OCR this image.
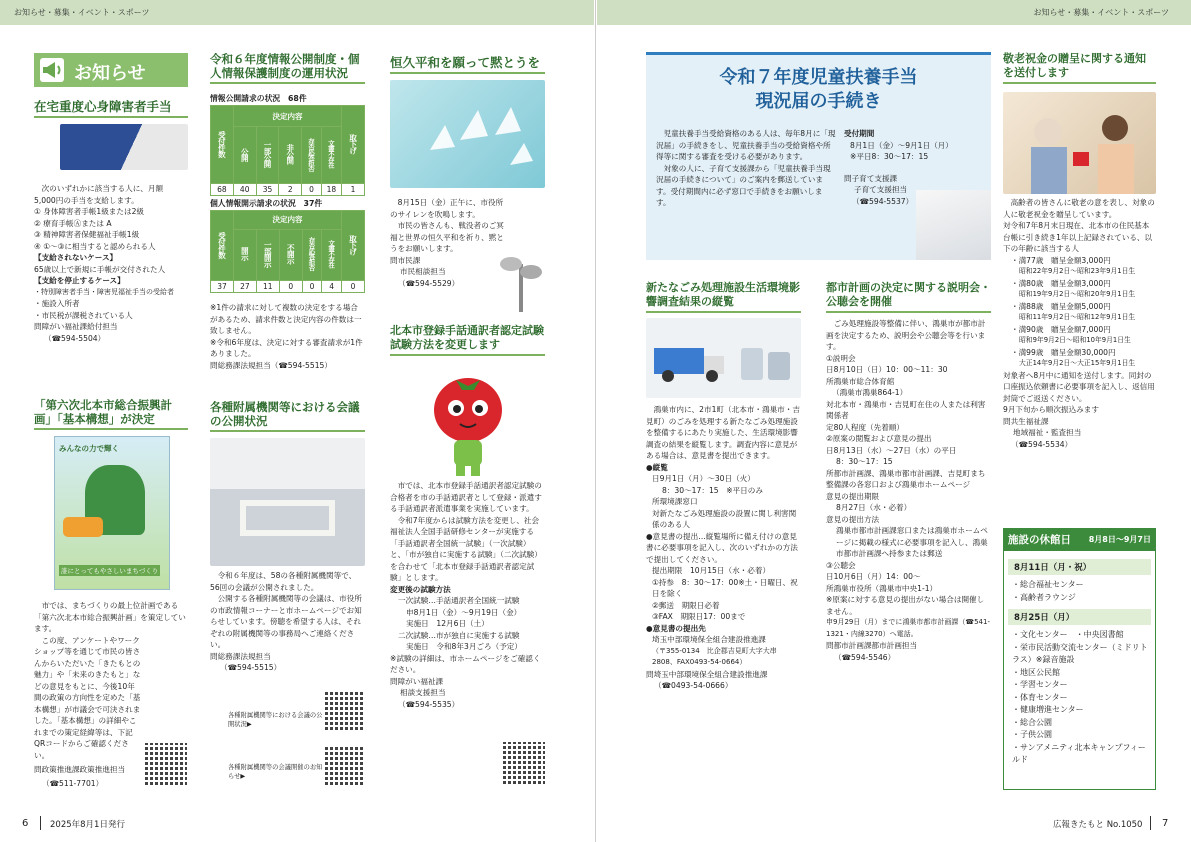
お知らせ・募集・イベント・スポーツ	お知らせ・募集・イベント・スポーツ
お知らせ
在宅重度心身障害者手当
次のいずれかに該当する人に、月額
5,000円の手当を支給します。
① 身体障害者手帳1級または2級
② 療育手帳Ⓐまたは A
③ 精神障害者保健福祉手帳1級
④ ①～③に相当すると認められる人
【支給されないケース】
65歳以上で新規に手帳が交付された人
【支給を停止するケース】
・特別障害者手当・障害児福祉手当の受給者
・施設入所者
・市民税が課税されている人
問障がい福祉課給付担当
（☎594-5504）
「第六次北本市総合振興計画」「基本構想」が決定
みんなの力で輝く
誰にとってもやさしいまちづくり
市では、まちづくりの最上位計画である「第六次北本市総合振興計画」を策定しています。
この度、アンケートやワークショップ等を通じて市民の皆さんからいただいた「きたもとの魅力」や「未来のきたもと」などの意見をもとに、今後10年間の政策の方向性を定めた「基本構想」が市議会で可決されました。「基本構想」の詳細やこれまでの策定経緯等は、下記QRコードからご確認ください。
問政策推進課政策推進担当
（☎511-7701）
令和６年度情報公開制度・個人情報保護制度の運用状況
情報公開請求の状況　68件
受付件数	決定内容					取下げ
	公開	一部公開	非公開	存否応答拒否	文書不存在	
68	40	35	2	0	18	1
個人情報開示請求の状況　37件
受付件数	決定内容					取下げ
	開示	一部開示	不開示	存否応答拒否	文書不存在	
37	27	11	0	0	4	0
※1件の請求に対して複数の決定をする場合があるため、請求件数と決定内容の件数は一致しません。
※令和6年度は、決定に対する審査請求が1件ありました。
問総務課法規担当（☎594-5515）
各種附属機関等における会議の公開状況
令和６年度は、58の各種附属機関等で、56回の会議が公開されました。
公開する各種附属機関等の会議は、市役所の市政情報コーナーと市ホームページでお知らせしています。傍聴を希望する人は、それぞれの附属機関等の事務局へご連絡ください。
問総務課法規担当
（☎594-5515）
各種附属機関等における会議の公開状況▶
各種附属機関等の会議開催のお知らせ▶
恒久平和を願って黙とうを
8月15日（金）正午に、市役所のサイレンを吹鳴します。
市民の皆さんも、戦没者のご冥福と世界の恒久平和を祈り、黙とうをお願いします。
問市民課
市民相談担当
（☎594-5529）
北本市登録手話通訳者認定試験試験方法を変更します
市では、北本市登録手話通訳者認定試験の合格者を市の手話通訳者として登録・派遣する手話通訳者派遣事業を実施しています。
令和7年度からは試験方法を変更し、社会福祉法人全国手話研修センターが実施する「手話通訳者全国統一試験」（一次試験）と、「市が独自に実施する試験」（二次試験）を合わせて「北本市登録手話通訳者認定試験」とします。
変更後の試験方法
一次試験…手話通訳者全国統一試験
申8月1日（金）～9月19日（金）
実施日　12月6日（土）
二次試験…市が独自に実施する試験
実施日　令和8年3月ごろ（予定）
※試験の詳細は、市ホームページをご確認ください。
問障がい福祉課
相談支援担当
（☎594-5535）
令和７年度児童扶養手当
現況届の手続き
児童扶養手当受給資格のある人は、毎年8月に「現況届」の手続きをし、児童扶養手当の受給資格や所得等に関する審査を受ける必要があります。
対象の人に、子育て支援課から「児童扶養手当現況届の手続きについて」のご案内を郵送しています。受付期間内に必ず窓口で手続きをお願いします。
受付期間
8月1日（金）～9月1日（月）
※平日8：30～17：15
問子育て支援課
子育て支援担当
（☎594-5537）
新たなごみ処理施設生活環境影響調査結果の縦覧
鴻巣市内に、2市1町（北本市・鴻巣市・吉見町）のごみを処理する新たなごみ処理施設を整備するにあたり実施した、生活環境影響調査の結果を縦覧します。調査内容に意見がある場合は、意見書を提出できます。
●縦覧
日9月1日（月）～30日（火）
8：30～17：15　※平日のみ
所環境課窓口
対新たなごみ処理施設の設置に関し利害関係のある人
●意見書の提出…縦覧場所に備え付けの意見書に必要事項を記入し、次のいずれかの方法で提出してください。
提出期限　10月15日（水・必着）
①持参　8：30～17：00※土・日曜日、祝日を除く
②郵送　期限日必着
③FAX　期限日17：00まで
●意見書の提出先
埼玉中部環境保全組合建設推進課
（〒355-0134　比企郡吉見町大字大串2808、FAX0493-54-0664）
問埼玉中部環境保全組合建設推進課
（☎0493-54-0666）
都市計画の決定に関する説明会・公聴会を開催
ごみ処理施設等整備に伴い、鴻巣市が都市計画を決定するため、説明会や公聴会等を行います。
①説明会
日8月10日（日）10：00～11：30
所鴻巣市総合体育館
（鴻巣市鴻巣864-1）
対北本市・鴻巣市・吉見町在住の人または利害関係者
定80人程度（先着順）
②原案の閲覧および意見の提出
日8月13日（水）～27日（水）の平日
8：30～17：15
所都市計画課、鴻巣市都市計画課、吉見町まち整備課の各窓口および鴻巣市ホームページ
意見の提出期限
8月27日（水・必着）
意見の提出方法
鴻巣市都市計画課窓口または鴻巣市ホームページに掲載の様式に必要事項を記入し、鴻巣市都市計画課へ持参または郵送
③公聴会
日10月6日（月）14：00～
所鴻巣市役所（鴻巣市中央1-1）
※原案に対する意見の提出がない場合は開催しません。
申9月29日（月）までに鴻巣市都市計画課（☎541-1321・内線3270）へ電話。
問都市計画課都市計画担当
（☎594-5546）
敬老祝金の贈呈に関する通知を送付します
高齢者の皆さんに敬老の意を表し、対象の人に敬老祝金を贈呈しています。
対令和7年8月末日現在、北本市の住民基本台帳に引き続き1年以上記録されている、以下の年齢に該当する人
・満77歳　贈呈金額3,000円
昭和22年9月2日～昭和23年9月1日生
・満80歳　贈呈金額3,000円
昭和19年9月2日～昭和20年9月1日生
・満88歳　贈呈金額5,000円
昭和11年9月2日～昭和12年9月1日生
・満90歳　贈呈金額7,000円
昭和9年9月2日～昭和10年9月1日生
・満99歳　贈呈金額30,000円
大正14年9月2日～大正15年9月1日生
対象者へ8月中に通知を送付します。同封の口座振込依頼書に必要事項を記入し、返信用封筒でご返送ください。
9月下旬から順次振込みます
問共生福祉課
地域福祉・監査担当
（☎594-5534）
施設の休館日 8月8日～9月7日
8月11日（月・祝）
・総合福祉センター
・高齢者ラウンジ
8月25日（月）
・文化センター　・中央図書館
・栄市民活動交流センター（ミドリトラス）※録音施設
・地区公民館
・学習センター
・体育センター
・健康増進センター
・総合公園
・子供公園
・サンアメニティ北本キャンプフィールド
6	2025年8月1日発行	広報きたもと No.1050 7
